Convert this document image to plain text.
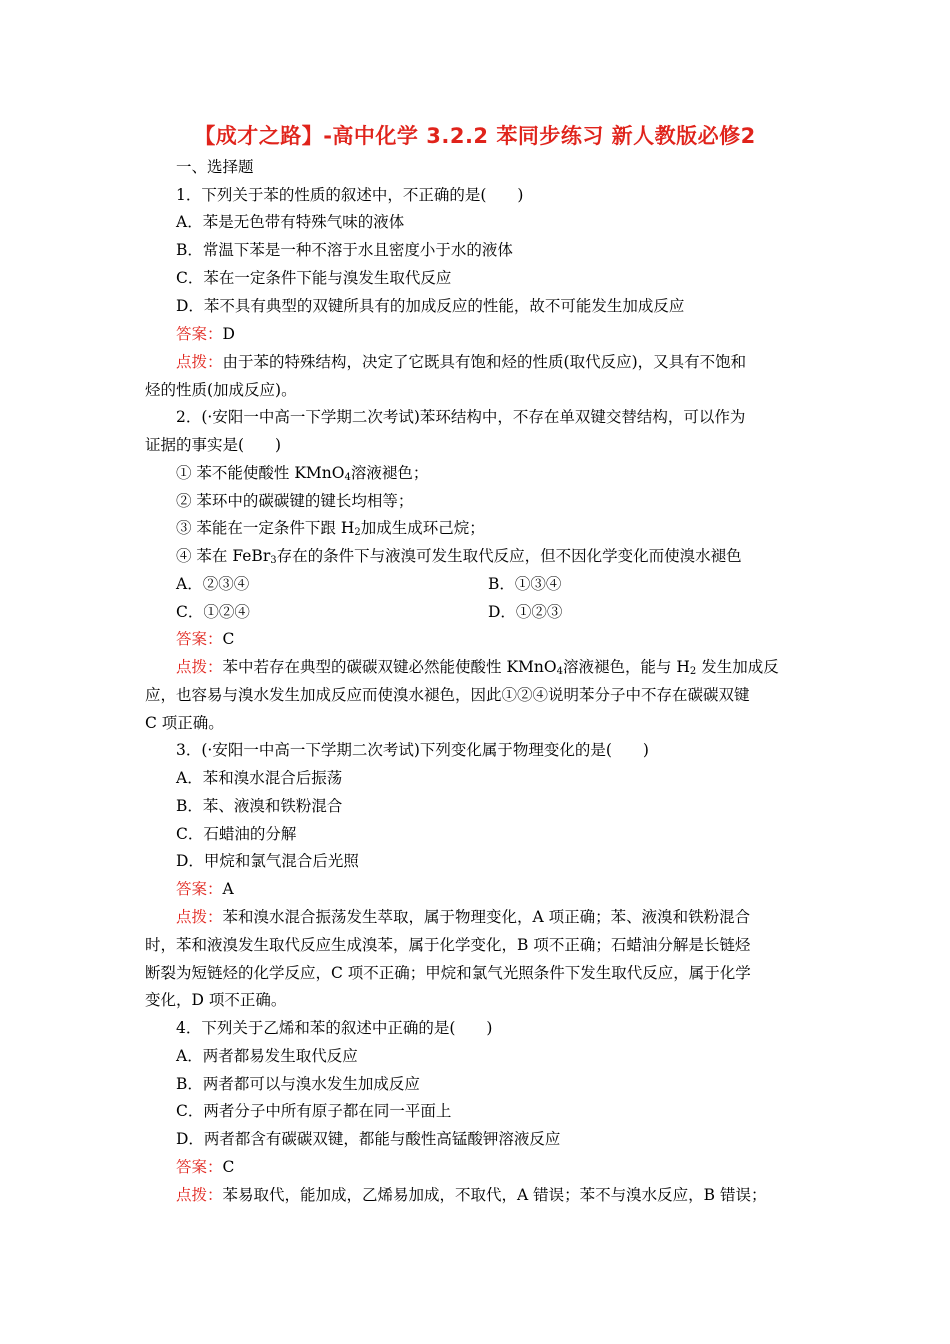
【成才之路】-高中化学 3.2.2 苯同步练习 新人教版必修2
一、选择题
1．下列关于苯的性质的叙述中，不正确的是(　　)
A．苯是无色带有特殊气味的液体
B．常温下苯是一种不溶于水且密度小于水的液体
C．苯在一定条件下能与溴发生取代反应
D．苯不具有典型的双键所具有的加成反应的性能，故不可能发生加成反应
答案：D
点拨：由于苯的特殊结构，决定了它既具有饱和烃的性质(取代反应)，又具有不饱和
烃的性质(加成反应)。
2．(·安阳一中高一下学期二次考试)苯环结构中，不存在单双键交替结构，可以作为
证据的事实是(　　)
① 苯不能使酸性 KMnO$_4$溶液褪色；
② 苯环中的碳碳键的键长均相等；
③ 苯能在一定条件下跟 $H_2$加成生成环己烷；
④ 苯在 FeBr$_3$存在的条件下与液溴可发生取代反应，但不因化学变化而使溴水褪色
A．②③④	B．①③④
C．①②④	D．①②③
答案：C
点拨：苯中若存在典型的碳碳双键必然能使酸性 KMnO$_4$溶液褪色，能与 $H_2$ 发生加成反
应，也容易与溴水发生加成反应而使溴水褪色，因此①②④说明苯分子中不存在碳碳双键
C 项正确。
3．(·安阳一中高一下学期二次考试)下列变化属于物理变化的是(　　)
A．苯和溴水混合后振荡
B．苯、液溴和铁粉混合
C．石蜡油的分解
D．甲烷和氯气混合后光照
答案：A
点拨：苯和溴水混合振荡发生萃取，属于物理变化，A 项正确；苯、液溴和铁粉混合
时，苯和液溴发生取代反应生成溴苯，属于化学变化，B 项不正确；石蜡油分解是长链烃
断裂为短链烃的化学反应，C 项不正确；甲烷和氯气光照条件下发生取代反应，属于化学
变化，D 项不正确。
4．下列关于乙烯和苯的叙述中正确的是(　　)
A．两者都易发生取代反应
B．两者都可以与溴水发生加成反应
C．两者分子中所有原子都在同一平面上
D．两者都含有碳碳双键，都能与酸性高锰酸钾溶液反应
答案：C
点拨：苯易取代，能加成，乙烯易加成，不取代，A 错误；苯不与溴水反应，B 错误；
